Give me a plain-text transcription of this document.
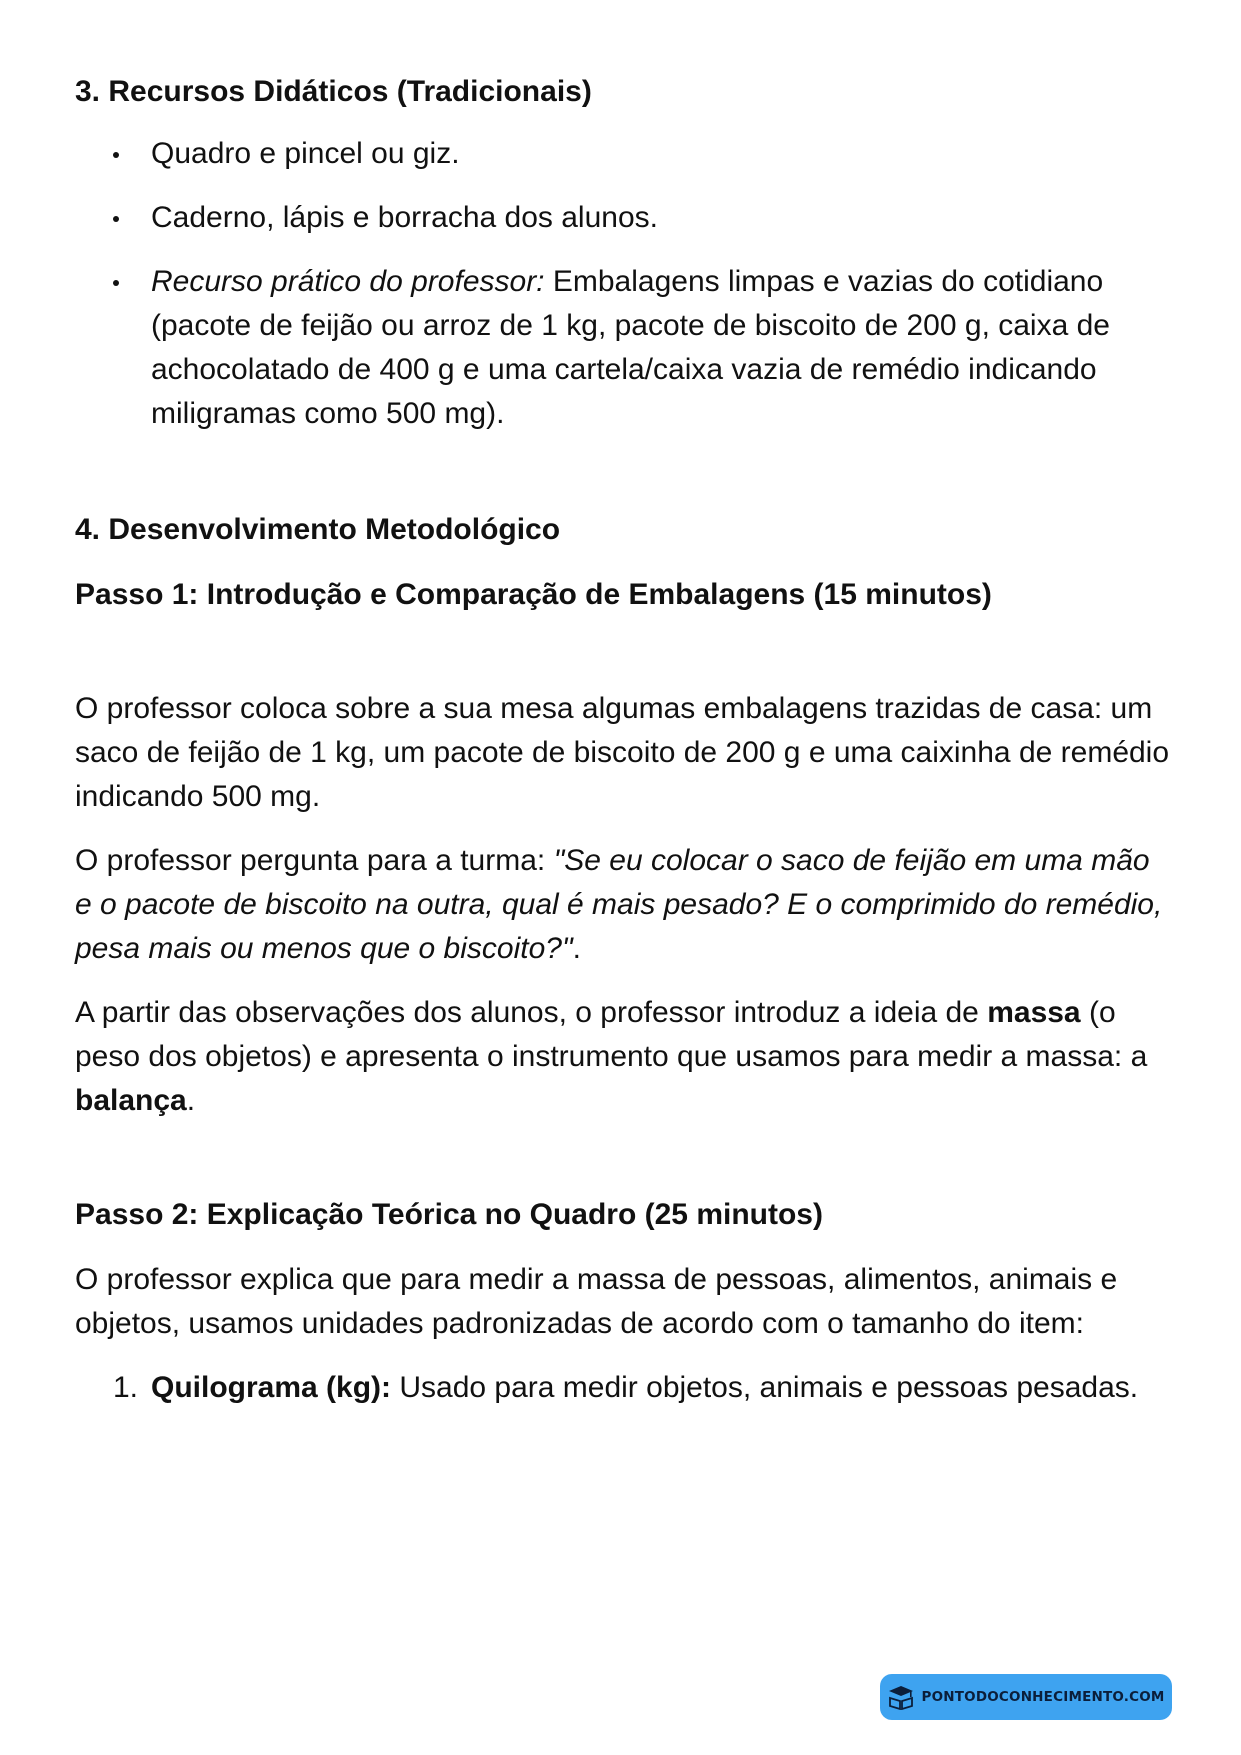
3. Recursos Didáticos (Tradicionais)
Quadro e pincel ou giz.
Caderno, lápis e borracha dos alunos.
Recurso prático do professor: Embalagens limpas e vazias do cotidiano (pacote de feijão ou arroz de 1 kg, pacote de biscoito de 200 g, caixa de achocolatado de 400 g e uma cartela/caixa vazia de remédio indicando miligramas como 500 mg).
4. Desenvolvimento Metodológico
Passo 1: Introdução e Comparação de Embalagens (15 minutos)

O professor coloca sobre a sua mesa algumas embalagens trazidas de casa: um saco de feijão de 1 kg, um pacote de biscoito de 200 g e uma caixinha de remédio indicando 500 mg.

O professor pergunta para a turma: "Se eu colocar o saco de feijão em uma mão e o pacote de biscoito na outra, qual é mais pesado? E o comprimido do remédio, pesa mais ou menos que o biscoito?".

A partir das observações dos alunos, o professor introduz a ideia de massa (o peso dos objetos) e apresenta o instrumento que usamos para medir a massa: a balança.

Passo 2: Explicação Teórica no Quadro (25 minutos)

O professor explica que para medir a massa de pessoas, alimentos, animais e objetos, usamos unidades padronizadas de acordo com o tamanho do item:

1. Quilograma (kg): Usado para medir objetos, animais e pessoas pesadas.
PONTODOCONHECIMENTO.COM
